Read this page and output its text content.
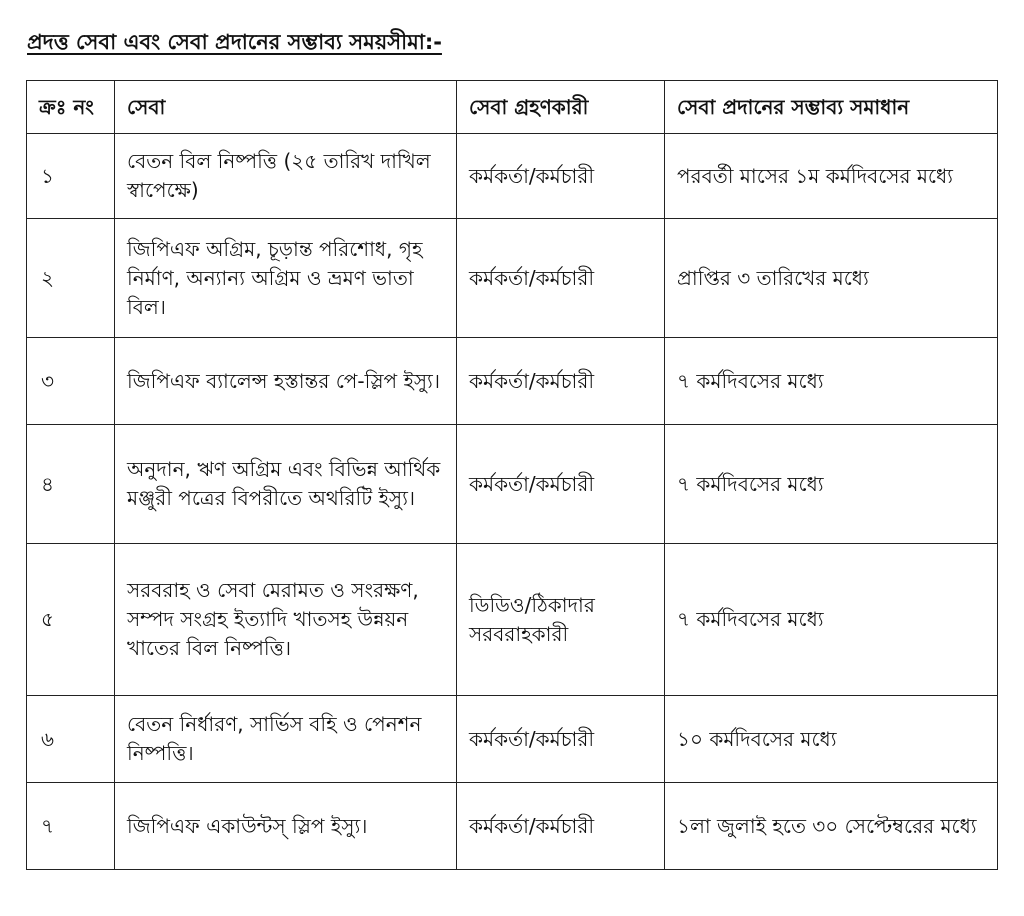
প্রদত্ত সেবা এবং সেবা প্রদানের সম্ভাব্য সময়সীমা:-
ক্রঃ নং	সেবা	সেবা গ্রহণকারী	সেবা প্রদানের সম্ভাব্য সমাধান
১	বেতন বিল নিষ্পত্তি (২৫ তারিখ দাখিল স্বাপেক্ষে)	কর্মকর্তা/কর্মচারী	পরবর্তী মাসের ১ম কর্মদিবসের মধ্যে
২	জিপিএফ অগ্রিম, চূড়ান্ত পরিশোধ, গৃহ নির্মাণ, অন্যান্য অগ্রিম ও ভ্রমণ ভাতা বিল।	কর্মকর্তা/কর্মচারী	প্রাপ্তির ৩ তারিখের মধ্যে
৩	জিপিএফ ব্যালেন্স হস্তান্তর পে-স্লিপ ইস্যু।	কর্মকর্তা/কর্মচারী	৭ কর্মদিবসের মধ্যে
৪	অনুদান, ঋণ অগ্রিম এবং বিভিন্ন আর্থিক মঞ্জুরী পত্রের বিপরীতে অথরিটি ইস্যু।	কর্মকর্তা/কর্মচারী	৭ কর্মদিবসের মধ্যে
৫	সরবরাহ ও সেবা মেরামত ও সংরক্ষণ, সম্পদ সংগ্রহ ইত্যাদি খাতসহ উন্নয়ন খাতের বিল নিষ্পত্তি।	ডিডিও/ঠিকাদার সরবরাহকারী	৭ কর্মদিবসের মধ্যে
৬	বেতন নির্ধারণ, সার্ভিস বহি ও পেনশন নিষ্পত্তি।	কর্মকর্তা/কর্মচারী	১০ কর্মদিবসের মধ্যে
৭	জিপিএফ একাউন্টস্ স্লিপ ইস্যু।	কর্মকর্তা/কর্মচারী	১লা জুলাই হতে ৩০ সেপ্টেম্বরের মধ্যে
